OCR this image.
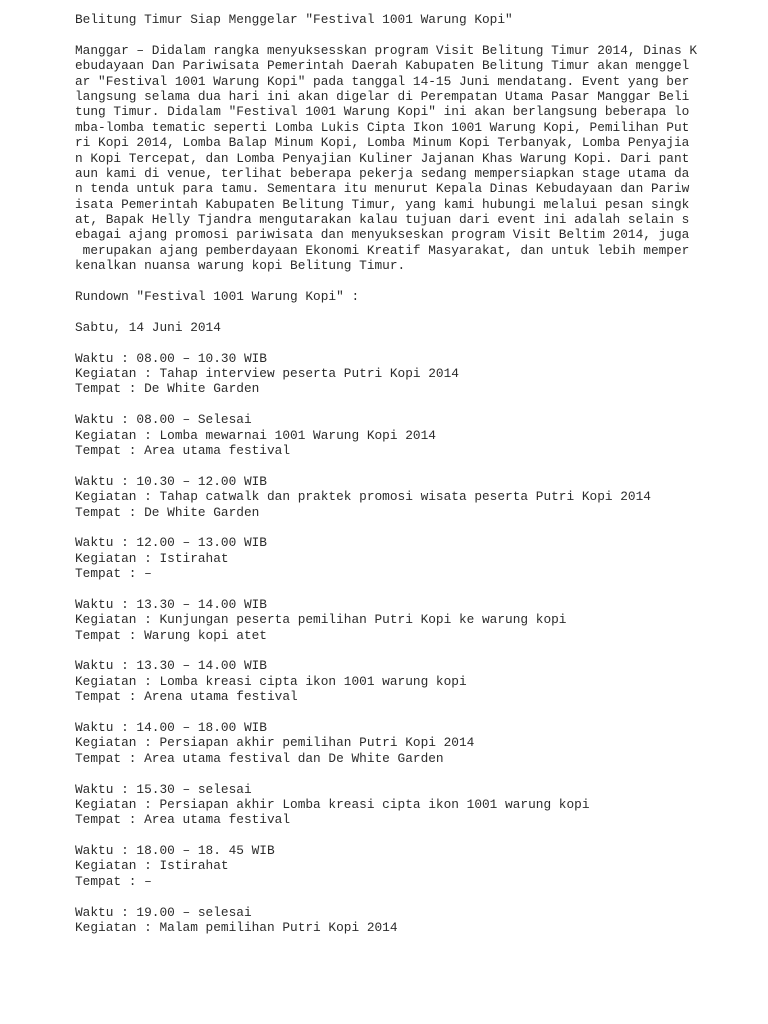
Belitung Timur Siap Menggelar "Festival 1001 Warung Kopi"
Manggar – Didalam rangka menyuksesskan program Visit Belitung Timur 2014, Dinas K
ebudayaan Dan Pariwisata Pemerintah Daerah Kabupaten Belitung Timur akan menggel
ar "Festival 1001 Warung Kopi" pada tanggal 14-15 Juni mendatang. Event yang ber
langsung selama dua hari ini akan digelar di Perempatan Utama Pasar Manggar Beli
tung Timur. Didalam "Festival 1001 Warung Kopi" ini akan berlangsung beberapa lo
mba-lomba tematic seperti Lomba Lukis Cipta Ikon 1001 Warung Kopi, Pemilihan Put
ri Kopi 2014, Lomba Balap Minum Kopi, Lomba Minum Kopi Terbanyak, Lomba Penyajia
n Kopi Tercepat, dan Lomba Penyajian Kuliner Jajanan Khas Warung Kopi. Dari pant
aun kami di venue, terlihat beberapa pekerja sedang mempersiapkan stage utama da
n tenda untuk para tamu. Sementara itu menurut Kepala Dinas Kebudayaan dan Pariw
isata Pemerintah Kabupaten Belitung Timur, yang kami hubungi melalui pesan singk
at, Bapak Helly Tjandra mengutarakan kalau tujuan dari event ini adalah selain s
ebagai ajang promosi pariwisata dan menyukseskan program Visit Beltim 2014, juga
merupakan ajang pemberdayaan Ekonomi Kreatif Masyarakat, dan untuk lebih memper
kenalkan nuansa warung kopi Belitung Timur.
Rundown "Festival 1001 Warung Kopi" :
Sabtu, 14 Juni 2014
Waktu : 08.00 – 10.30 WIB
Kegiatan : Tahap interview peserta Putri Kopi 2014
Tempat : De White Garden
Waktu : 08.00 – Selesai
Kegiatan : Lomba mewarnai 1001 Warung Kopi 2014
Tempat : Area utama festival
Waktu : 10.30 – 12.00 WIB
Kegiatan : Tahap catwalk dan praktek promosi wisata peserta Putri Kopi 2014
Tempat : De White Garden
Waktu : 12.00 – 13.00 WIB
Kegiatan : Istirahat
Tempat : –
Waktu : 13.30 – 14.00 WIB
Kegiatan : Kunjungan peserta pemilihan Putri Kopi ke warung kopi
Tempat : Warung kopi atet
Waktu : 13.30 – 14.00 WIB
Kegiatan : Lomba kreasi cipta ikon 1001 warung kopi
Tempat : Arena utama festival
Waktu : 14.00 – 18.00 WIB
Kegiatan : Persiapan akhir pemilihan Putri Kopi 2014
Tempat : Area utama festival dan De White Garden
Waktu : 15.30 – selesai
Kegiatan : Persiapan akhir Lomba kreasi cipta ikon 1001 warung kopi
Tempat : Area utama festival
Waktu : 18.00 – 18. 45 WIB
Kegiatan : Istirahat
Tempat : –
Waktu : 19.00 – selesai
Kegiatan : Malam pemilihan Putri Kopi 2014
